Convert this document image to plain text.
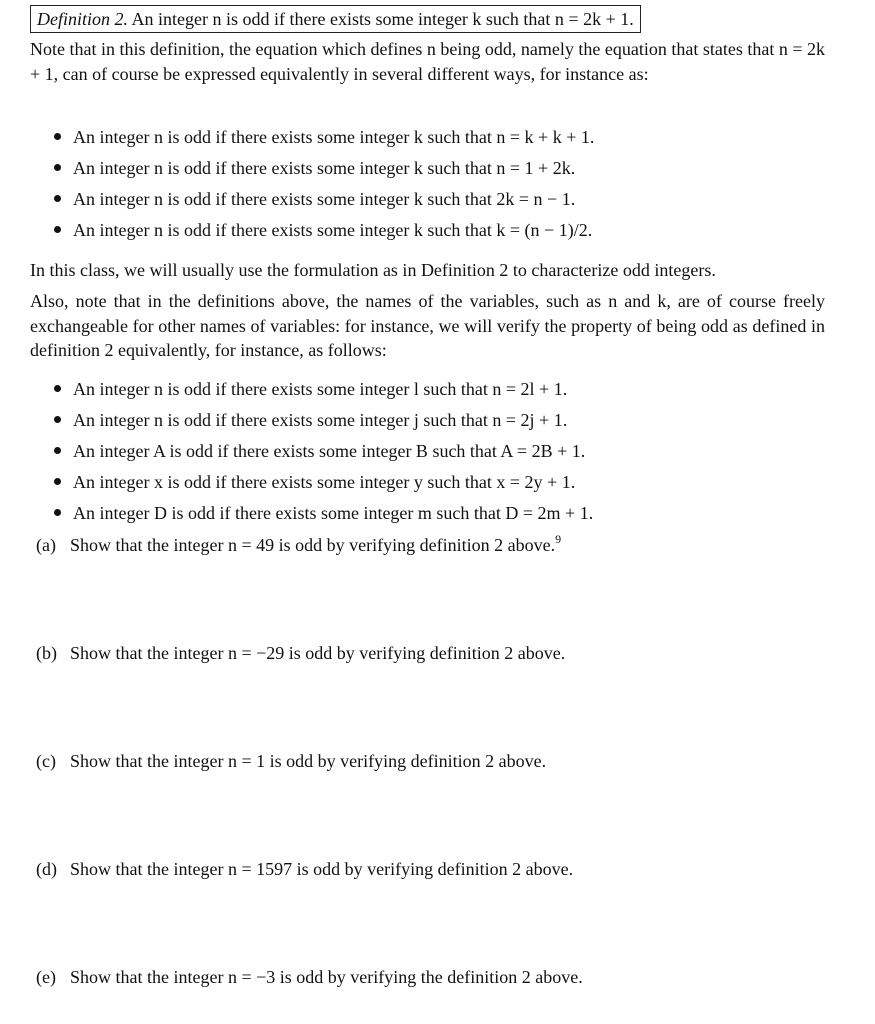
Definition 2. An integer n is odd if there exists some integer k such that n = 2k + 1.
Note that in this definition, the equation which defines n being odd, namely the equation that states that n = 2k + 1, can of course be expressed equivalently in several different ways, for instance as:
An integer n is odd if there exists some integer k such that n = k + k + 1.
An integer n is odd if there exists some integer k such that n = 1 + 2k.
An integer n is odd if there exists some integer k such that 2k = n − 1.
An integer n is odd if there exists some integer k such that k = (n − 1)/2.
In this class, we will usually use the formulation as in Definition 2 to characterize odd integers.
Also, note that in the definitions above, the names of the variables, such as n and k, are of course freely exchangeable for other names of variables: for instance, we will verify the property of being odd as defined in definition 2 equivalently, for instance, as follows:
An integer n is odd if there exists some integer l such that n = 2l + 1.
An integer n is odd if there exists some integer j such that n = 2j + 1.
An integer A is odd if there exists some integer B such that A = 2B + 1.
An integer x is odd if there exists some integer y such that x = 2y + 1.
An integer D is odd if there exists some integer m such that D = 2m + 1.
(a) Show that the integer n = 49 is odd by verifying definition 2 above.$^9$
(b) Show that the integer n = −29 is odd by verifying definition 2 above.
(c) Show that the integer n = 1 is odd by verifying definition 2 above.
(d) Show that the integer n = 1597 is odd by verifying definition 2 above.
(e) Show that the integer n = −3 is odd by verifying the definition 2 above.
